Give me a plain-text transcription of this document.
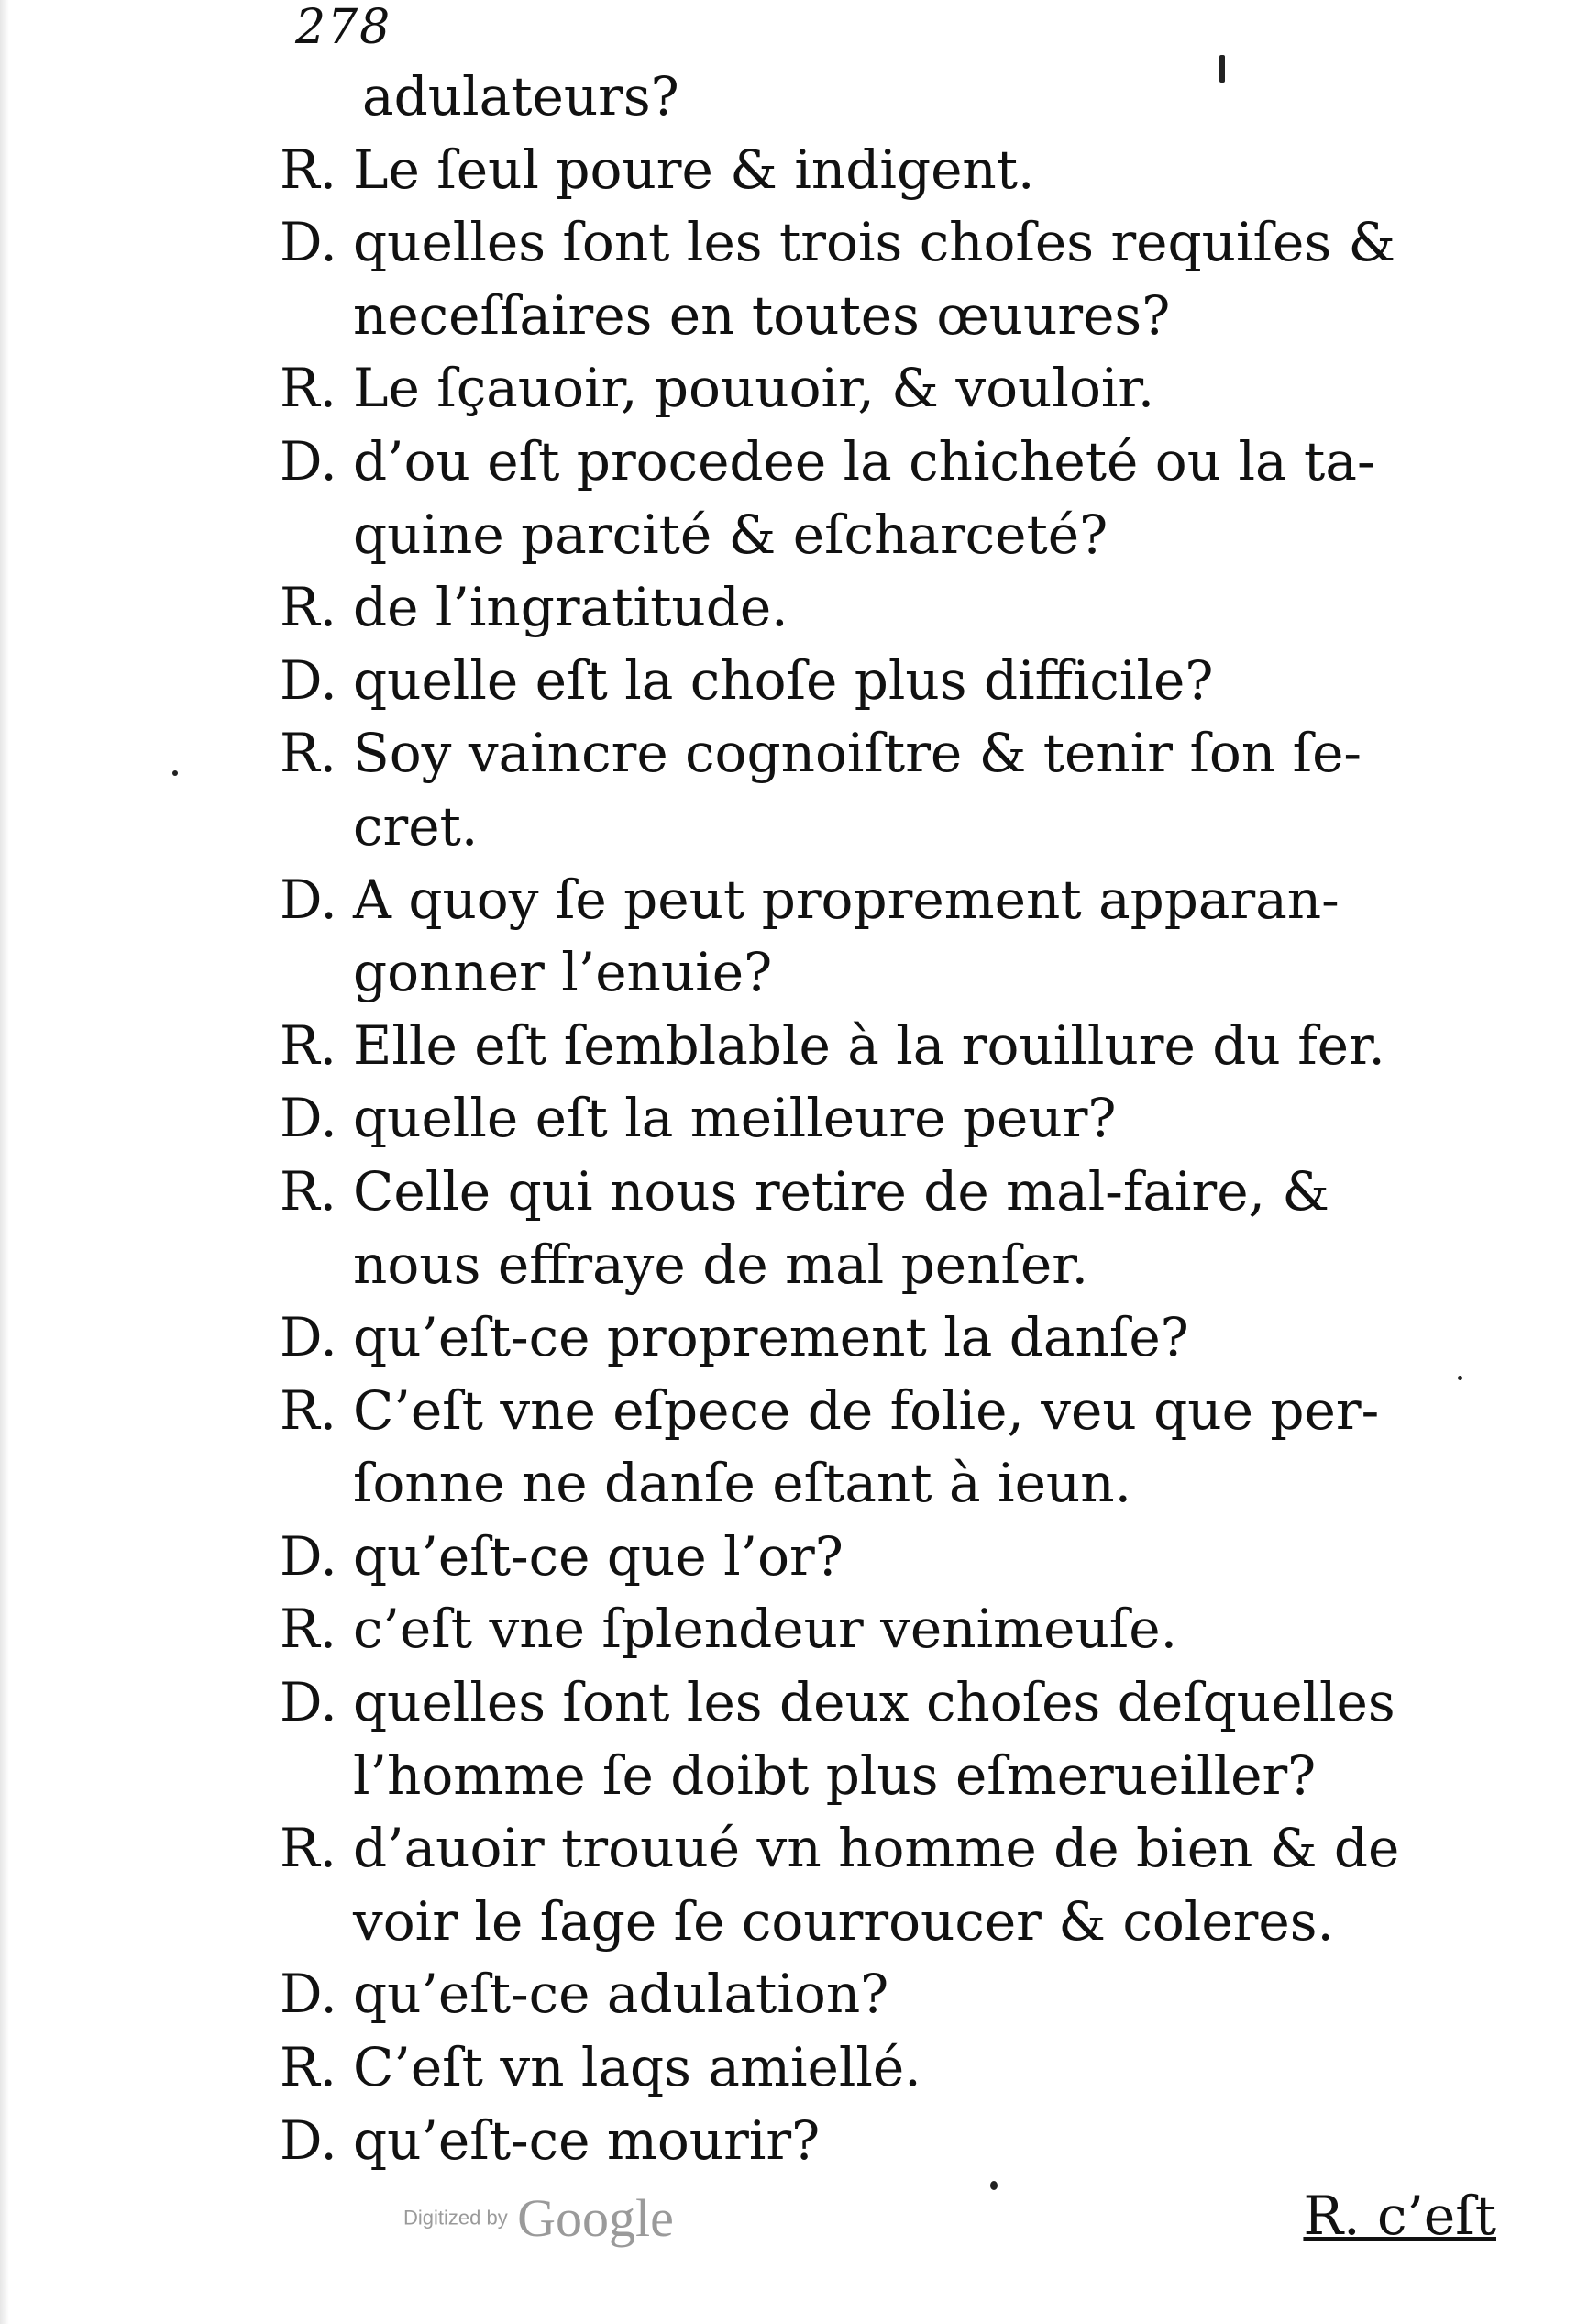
278
adulateurs?
R. Le ſeul poure & indigent.
D. quelles ſont les trois choſes requiſes &
neceſſaires en toutes œuures?
R. Le ſçauoir, pouuoir, & vouloir.
D. d’ou eſt procedee la chicheté ou la ta-
quine parcité & eſcharceté?
R. de l’ingratitude.
D. quelle eſt la choſe plus difficile?
R. Soy vaincre cognoiſtre & tenir ſon ſe-
cret.
D. A quoy ſe peut proprement apparan-
gonner l’enuie?
R. Elle eſt ſemblable à la rouillure du fer.
D. quelle eſt la meilleure peur?
R. Celle qui nous retire de mal-faire, &
nous effraye de mal penſer.
D. qu’eſt-ce proprement la danſe?
R. C’eſt vne eſpece de folie, veu que per-
ſonne ne danſe eſtant à ieun.
D. qu’eſt-ce que l’or?
R. c’eſt vne ſplendeur venimeuſe.
D. quelles ſont les deux choſes deſquelles
l’homme ſe doibt plus eſmerueiller?
R. d’auoir trouué vn homme de bien & de
voir le ſage ſe courroucer & coleres.
D. qu’eſt-ce adulation?
R. C’eſt vn laqs amiellé.
D. qu’eſt-ce mourir?
Digitized by Google	R. c’eſt
